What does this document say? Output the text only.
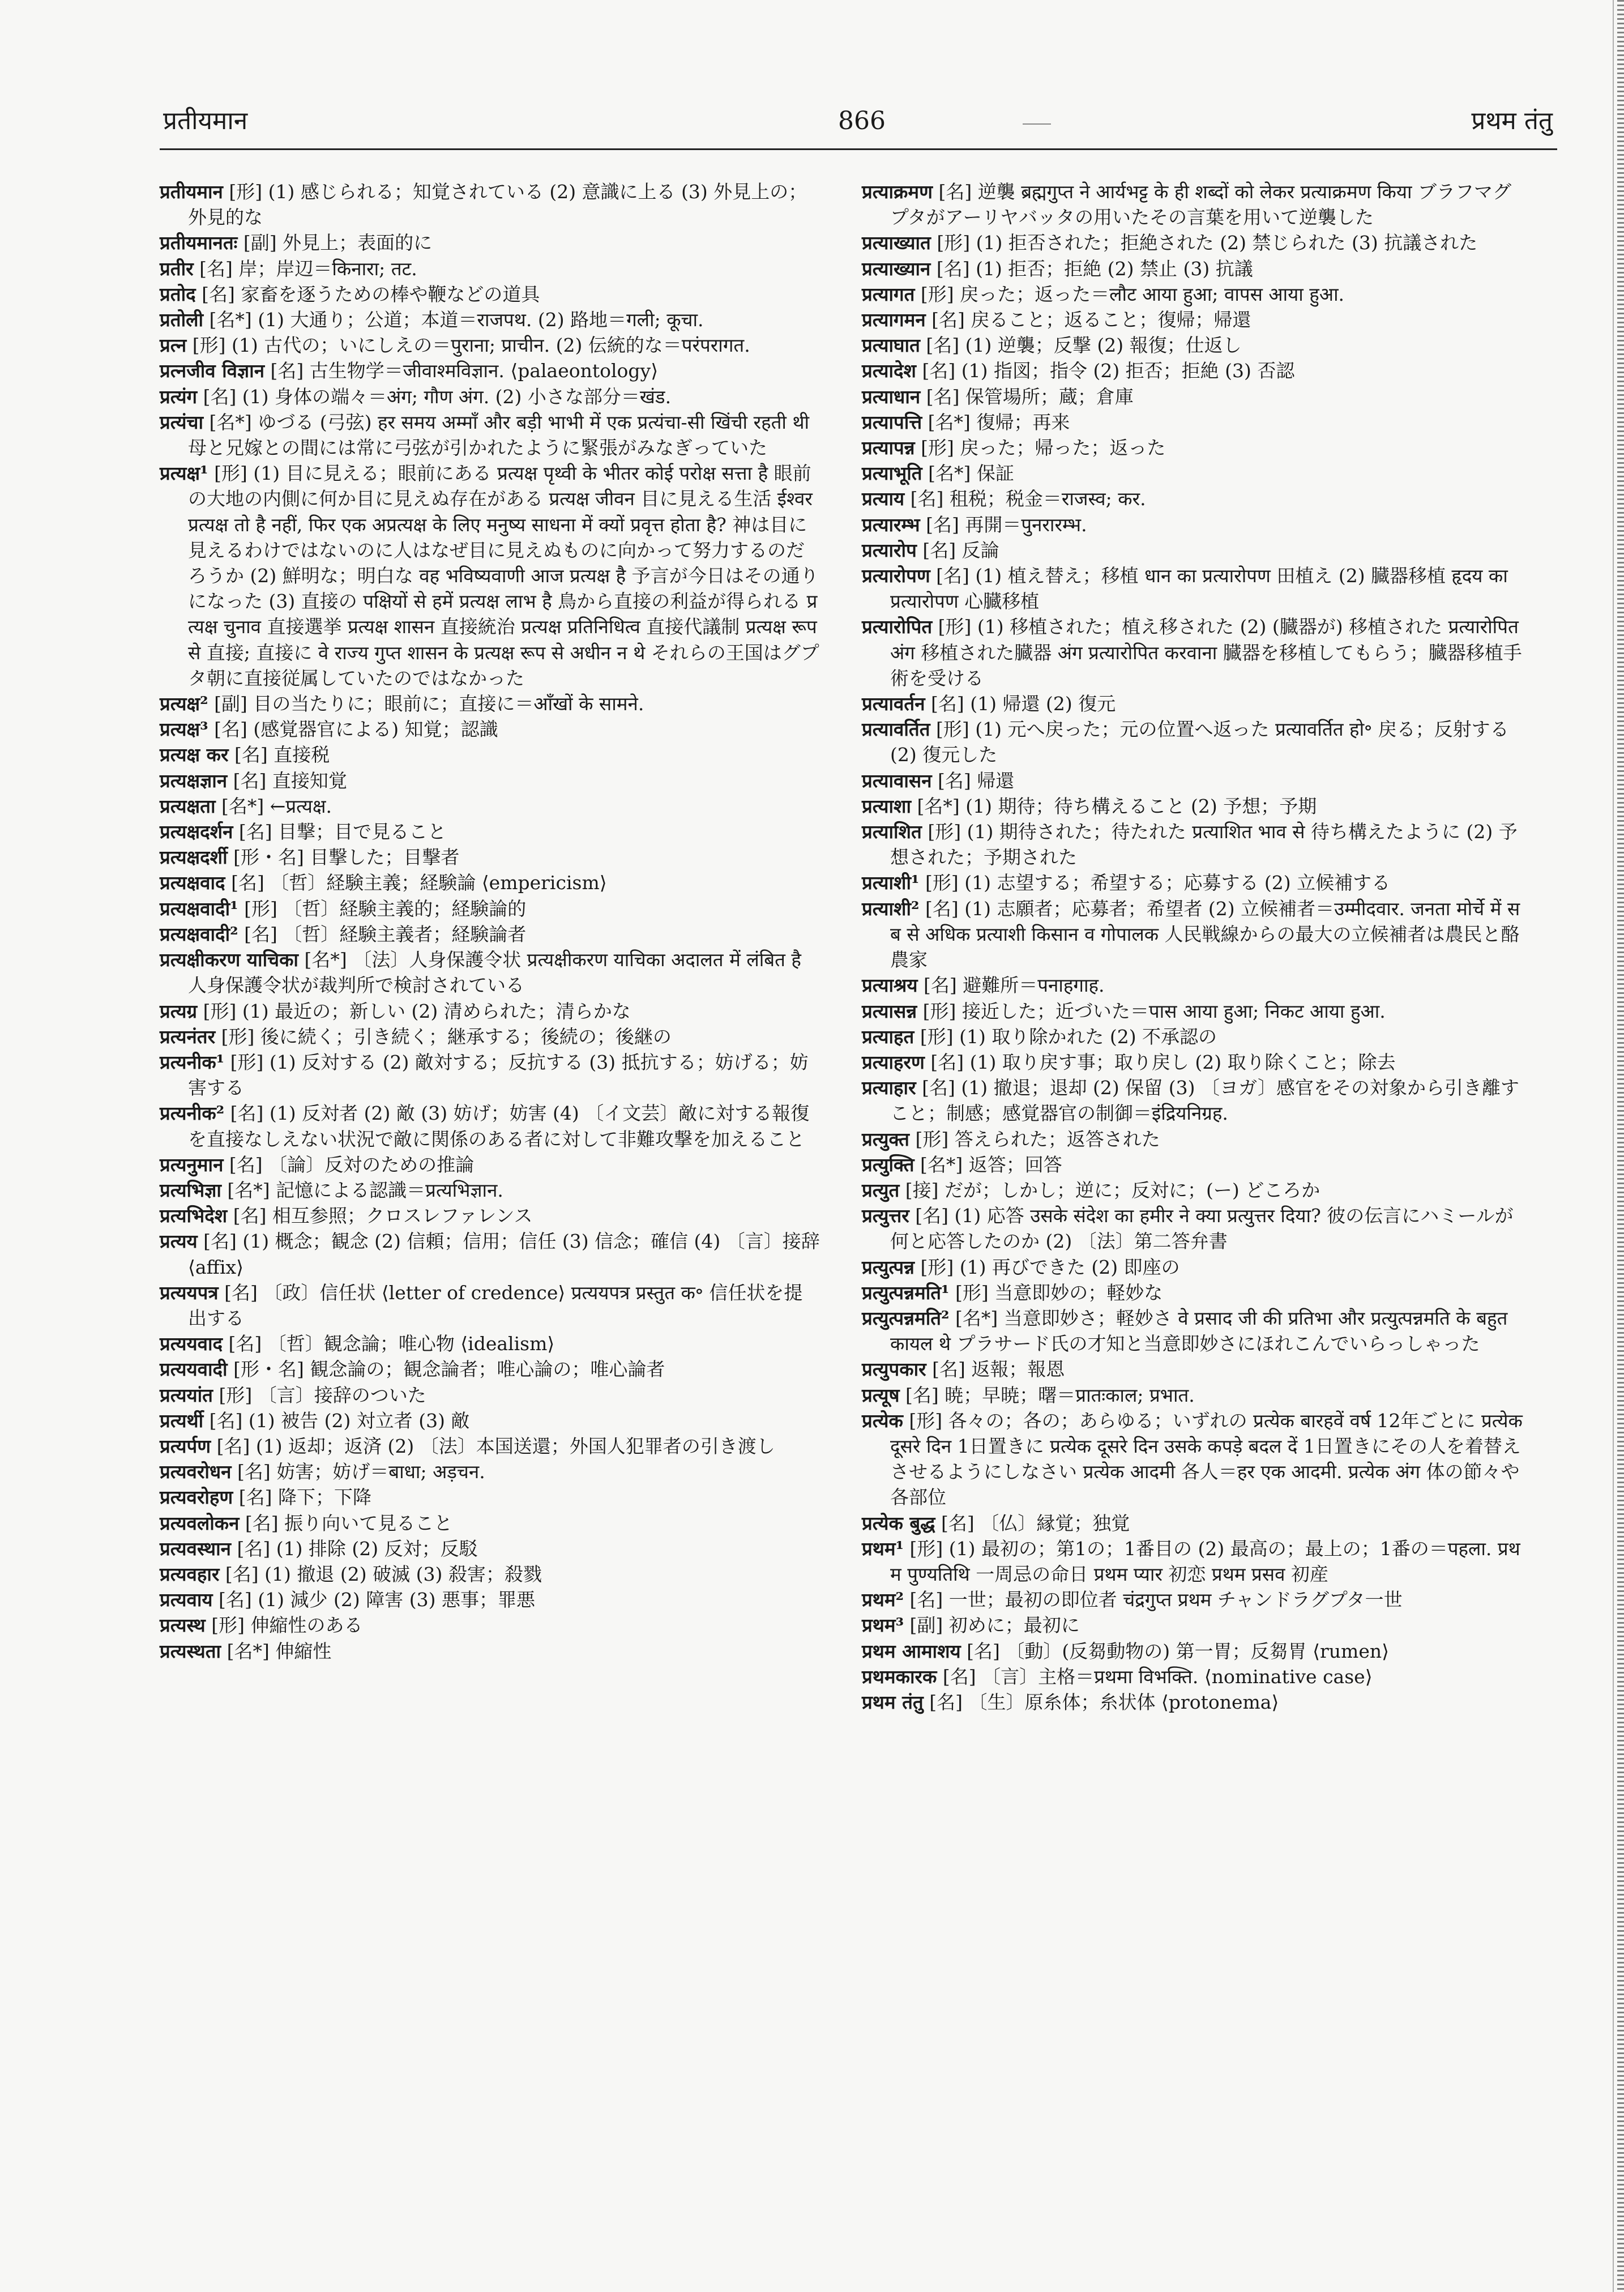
प्रतीयमान	866	प्रथम तंतु

प्रतीयमान [形] (1) 感じられる；知覚されている (2) 意識に上る (3) 外見上の；外見的な

प्रतीयमानतः [副] 外見上；表面的に

प्रतीर [名] 岸；岸辺＝किनारा; तट.

प्रतोद [名] 家畜を逐うための棒や鞭などの道具

प्रतोली [名*] (1) 大通り；公道；本道＝राजपथ. (2) 路地＝गली; कूचा.

प्रत्न [形] (1) 古代の；いにしえの＝पुराना; प्राचीन. (2) 伝統的な＝परंपरागत.

प्रत्नजीव विज्ञान [名] 古生物学＝जीवाश्मविज्ञान. ⟨palaeontology⟩

प्रत्यंग [名] (1) 身体の端々＝अंग; गौण अंग. (2) 小さな部分＝खंड.

प्रत्यंचा [名*] ゆづる (弓弦) हर समय अम्माँ और बड़ी भाभी में एक प्रत्यंचा-सी खिंची रहती थी 母と兄嫁との間には常に弓弦が引かれたように緊張がみなぎっていた

प्रत्यक्ष¹ [形] (1) 目に見える；眼前にある प्रत्यक्ष पृथ्वी के भीतर कोई परोक्ष सत्ता है 眼前の大地の内側に何か目に見えぬ存在がある प्रत्यक्ष जीवन 目に見える生活 ईश्वर प्रत्यक्ष तो है नहीं, फिर एक अप्रत्यक्ष के लिए मनुष्य साधना में क्यों प्रवृत्त होता है? 神は目に見えるわけではないのに人はなぜ目に見えぬものに向かって努力するのだろうか (2) 鮮明な；明白な वह भविष्यवाणी आज प्रत्यक्ष है 予言が今日はその通りになった (3) 直接の पक्षियों से हमें प्रत्यक्ष लाभ है 鳥から直接の利益が得られる प्रत्यक्ष चुनाव 直接選挙 प्रत्यक्ष शासन 直接統治 प्रत्यक्ष प्रतिनिधित्व 直接代議制 प्रत्यक्ष रूप से 直接; 直接に वे राज्य गुप्त शासन के प्रत्यक्ष रूप से अधीन न थे それらの王国はグプタ朝に直接従属していたのではなかった

प्रत्यक्ष² [副] 目の当たりに；眼前に；直接に＝आँखों के सामने.

प्रत्यक्ष³ [名] (感覚器官による) 知覚；認識

प्रत्यक्ष कर [名] 直接税

प्रत्यक्षज्ञान [名] 直接知覚

प्रत्यक्षता [名*] ←प्रत्यक्ष.

प्रत्यक्षदर्शन [名] 目撃；目で見ること

प्रत्यक्षदर्शी [形・名] 目撃した；目撃者

प्रत्यक्षवाद [名] 〔哲〕経験主義；経験論 ⟨empericism⟩

प्रत्यक्षवादी¹ [形] 〔哲〕経験主義的；経験論的

प्रत्यक्षवादी² [名] 〔哲〕経験主義者；経験論者

प्रत्यक्षीकरण याचिका [名*] 〔法〕人身保護令状 प्रत्यक्षीकरण याचिका अदालत में लंबित है 人身保護令状が裁判所で検討されている

प्रत्यग्र [形] (1) 最近の；新しい (2) 清められた；清らかな

प्रत्यनंतर [形] 後に続く；引き続く；継承する；後続の；後継の

प्रत्यनीक¹ [形] (1) 反対する (2) 敵対する；反抗する (3) 抵抗する；妨げる；妨害する

प्रत्यनीक² [名] (1) 反対者 (2) 敵 (3) 妨げ；妨害 (4) 〔イ文芸〕敵に対する報復を直接なしえない状況で敵に関係のある者に対して非難攻撃を加えること

प्रत्यनुमान [名] 〔論〕反対のための推論

प्रत्यभिज्ञा [名*] 記憶による認識＝प्रत्यभिज्ञान.

प्रत्यभिदेश [名] 相互参照；クロスレファレンス

प्रत्यय [名] (1) 概念；観念 (2) 信頼；信用；信任 (3) 信念；確信 (4) 〔言〕接辞 ⟨affix⟩

प्रत्ययपत्र [名] 〔政〕信任状 ⟨letter of credence⟩ प्रत्ययपत्र प्रस्तुत क॰ 信任状を提出する

प्रत्ययवाद [名] 〔哲〕観念論；唯心物 ⟨idealism⟩

प्रत्ययवादी [形・名] 観念論の；観念論者；唯心論の；唯心論者

प्रत्ययांत [形] 〔言〕接辞のついた

प्रत्यर्थी [名] (1) 被告 (2) 対立者 (3) 敵

प्रत्यर्पण [名] (1) 返却；返済 (2) 〔法〕本国送還；外国人犯罪者の引き渡し

प्रत्यवरोधन [名] 妨害；妨げ＝बाधा; अड़चन.

प्रत्यवरोहण [名] 降下；下降

प्रत्यवलोकन [名] 振り向いて見ること

प्रत्यवस्थान [名] (1) 排除 (2) 反対；反駁

प्रत्यवहार [名] (1) 撤退 (2) 破滅 (3) 殺害；殺戮

प्रत्यवाय [名] (1) 減少 (2) 障害 (3) 悪事；罪悪

प्रत्यस्थ [形] 伸縮性のある

प्रत्यस्थता [名*] 伸縮性

प्रत्याक्रमण [名] 逆襲 ब्रह्मगुप्त ने आर्यभट्ट के ही शब्दों को लेकर प्रत्याक्रमण किया ブラフマグプタがアーリヤバッタの用いたその言葉を用いて逆襲した

प्रत्याख्यात [形] (1) 拒否された；拒絶された (2) 禁じられた (3) 抗議された

प्रत्याख्यान [名] (1) 拒否；拒絶 (2) 禁止 (3) 抗議

प्रत्यागत [形] 戻った；返った＝लौट आया हुआ; वापस आया हुआ.

प्रत्यागमन [名] 戻ること；返ること；復帰；帰還

प्रत्याघात [名] (1) 逆襲；反撃 (2) 報復；仕返し

प्रत्यादेश [名] (1) 指図；指令 (2) 拒否；拒絶 (3) 否認

प्रत्याधान [名] 保管場所；蔵；倉庫

प्रत्यापत्ति [名*] 復帰；再来

प्रत्यापन्न [形] 戻った；帰った；返った

प्रत्याभूति [名*] 保証

प्रत्याय [名] 租税；税金＝राजस्व; कर.

प्रत्यारम्भ [名] 再開＝पुनरारम्भ.

प्रत्यारोप [名] 反論

प्रत्यारोपण [名] (1) 植え替え；移植 धान का प्रत्यारोपण 田植え (2) 臓器移植 हृदय का प्रत्यारोपण 心臓移植

प्रत्यारोपित [形] (1) 移植された；植え移された (2) (臓器が) 移植された प्रत्यारोपित अंग 移植された臓器 अंग प्रत्यारोपित करवाना 臓器を移植してもらう；臓器移植手術を受ける

प्रत्यावर्तन [名] (1) 帰還 (2) 復元

प्रत्यावर्तित [形] (1) 元へ戻った；元の位置へ返った प्रत्यावर्तित हो॰ 戻る；反射する (2) 復元した

प्रत्यावासन [名] 帰還

प्रत्याशा [名*] (1) 期待；待ち構えること (2) 予想；予期

प्रत्याशित [形] (1) 期待された；待たれた प्रत्याशित भाव से 待ち構えたように (2) 予想された；予期された

प्रत्याशी¹ [形] (1) 志望する；希望する；応募する (2) 立候補する

प्रत्याशी² [名] (1) 志願者；応募者；希望者 (2) 立候補者＝उम्मीदवार. जनता मोर्चे में सब से अधिक प्रत्याशी किसान व गोपालक 人民戦線からの最大の立候補者は農民と酪農家

प्रत्याश्रय [名] 避難所＝पनाहगाह.

प्रत्यासन्न [形] 接近した；近づいた＝पास आया हुआ; निकट आया हुआ.

प्रत्याहत [形] (1) 取り除かれた (2) 不承認の

प्रत्याहरण [名] (1) 取り戻す事；取り戻し (2) 取り除くこと；除去

प्रत्याहार [名] (1) 撤退；退却 (2) 保留 (3) 〔ヨガ〕感官をその対象から引き離すこと；制感；感覚器官の制御＝इंद्रियनिग्रह.

प्रत्युक्त [形] 答えられた；返答された

प्रत्युक्ति [名*] 返答；回答

प्रत्युत [接] だが；しかし；逆に；反対に；(ー) どころか

प्रत्युत्तर [名] (1) 応答 उसके संदेश का हमीर ने क्या प्रत्युत्तर दिया? 彼の伝言にハミールが何と応答したのか (2) 〔法〕第二答弁書

प्रत्युत्पन्न [形] (1) 再びできた (2) 即座の

प्रत्युत्पन्नमति¹ [形] 当意即妙の；軽妙な

प्रत्युत्पन्नमति² [名*] 当意即妙さ；軽妙さ वे प्रसाद जी की प्रतिभा और प्रत्युत्पन्नमति के बहुत कायल थे プラサード氏の才知と当意即妙さにほれこんでいらっしゃった

प्रत्युपकार [名] 返報；報恩

प्रत्यूष [名] 暁；早暁；曙＝प्रातःकाल; प्रभात.

प्रत्येक [形] 各々の；各の；あらゆる；いずれの प्रत्येक बारहवें वर्ष 12年ごとに प्रत्येक दूसरे दिन 1日置きに प्रत्येक दूसरे दिन उसके कपड़े बदल दें 1日置きにその人を着替えさせるようにしなさい प्रत्येक आदमी 各人＝हर एक आदमी. प्रत्येक अंग 体の節々や各部位

प्रत्येक बुद्ध [名] 〔仏〕縁覚；独覚

प्रथम¹ [形] (1) 最初の；第1の；1番目の (2) 最高の；最上の；1番の＝पहला. प्रथम पुण्यतिथि 一周忌の命日 प्रथम प्यार 初恋 प्रथम प्रसव 初産

प्रथम² [名] 一世；最初の即位者 चंद्रगुप्त प्रथम チャンドラグプタ一世

प्रथम³ [副] 初めに；最初に

प्रथम आमाशय [名] 〔動〕(反芻動物の) 第一胃；反芻胃 ⟨rumen⟩

प्रथमकारक [名] 〔言〕主格＝प्रथमा विभक्ति. ⟨nominative case⟩

प्रथम तंतु [名] 〔生〕原糸体；糸状体 ⟨protonema⟩
